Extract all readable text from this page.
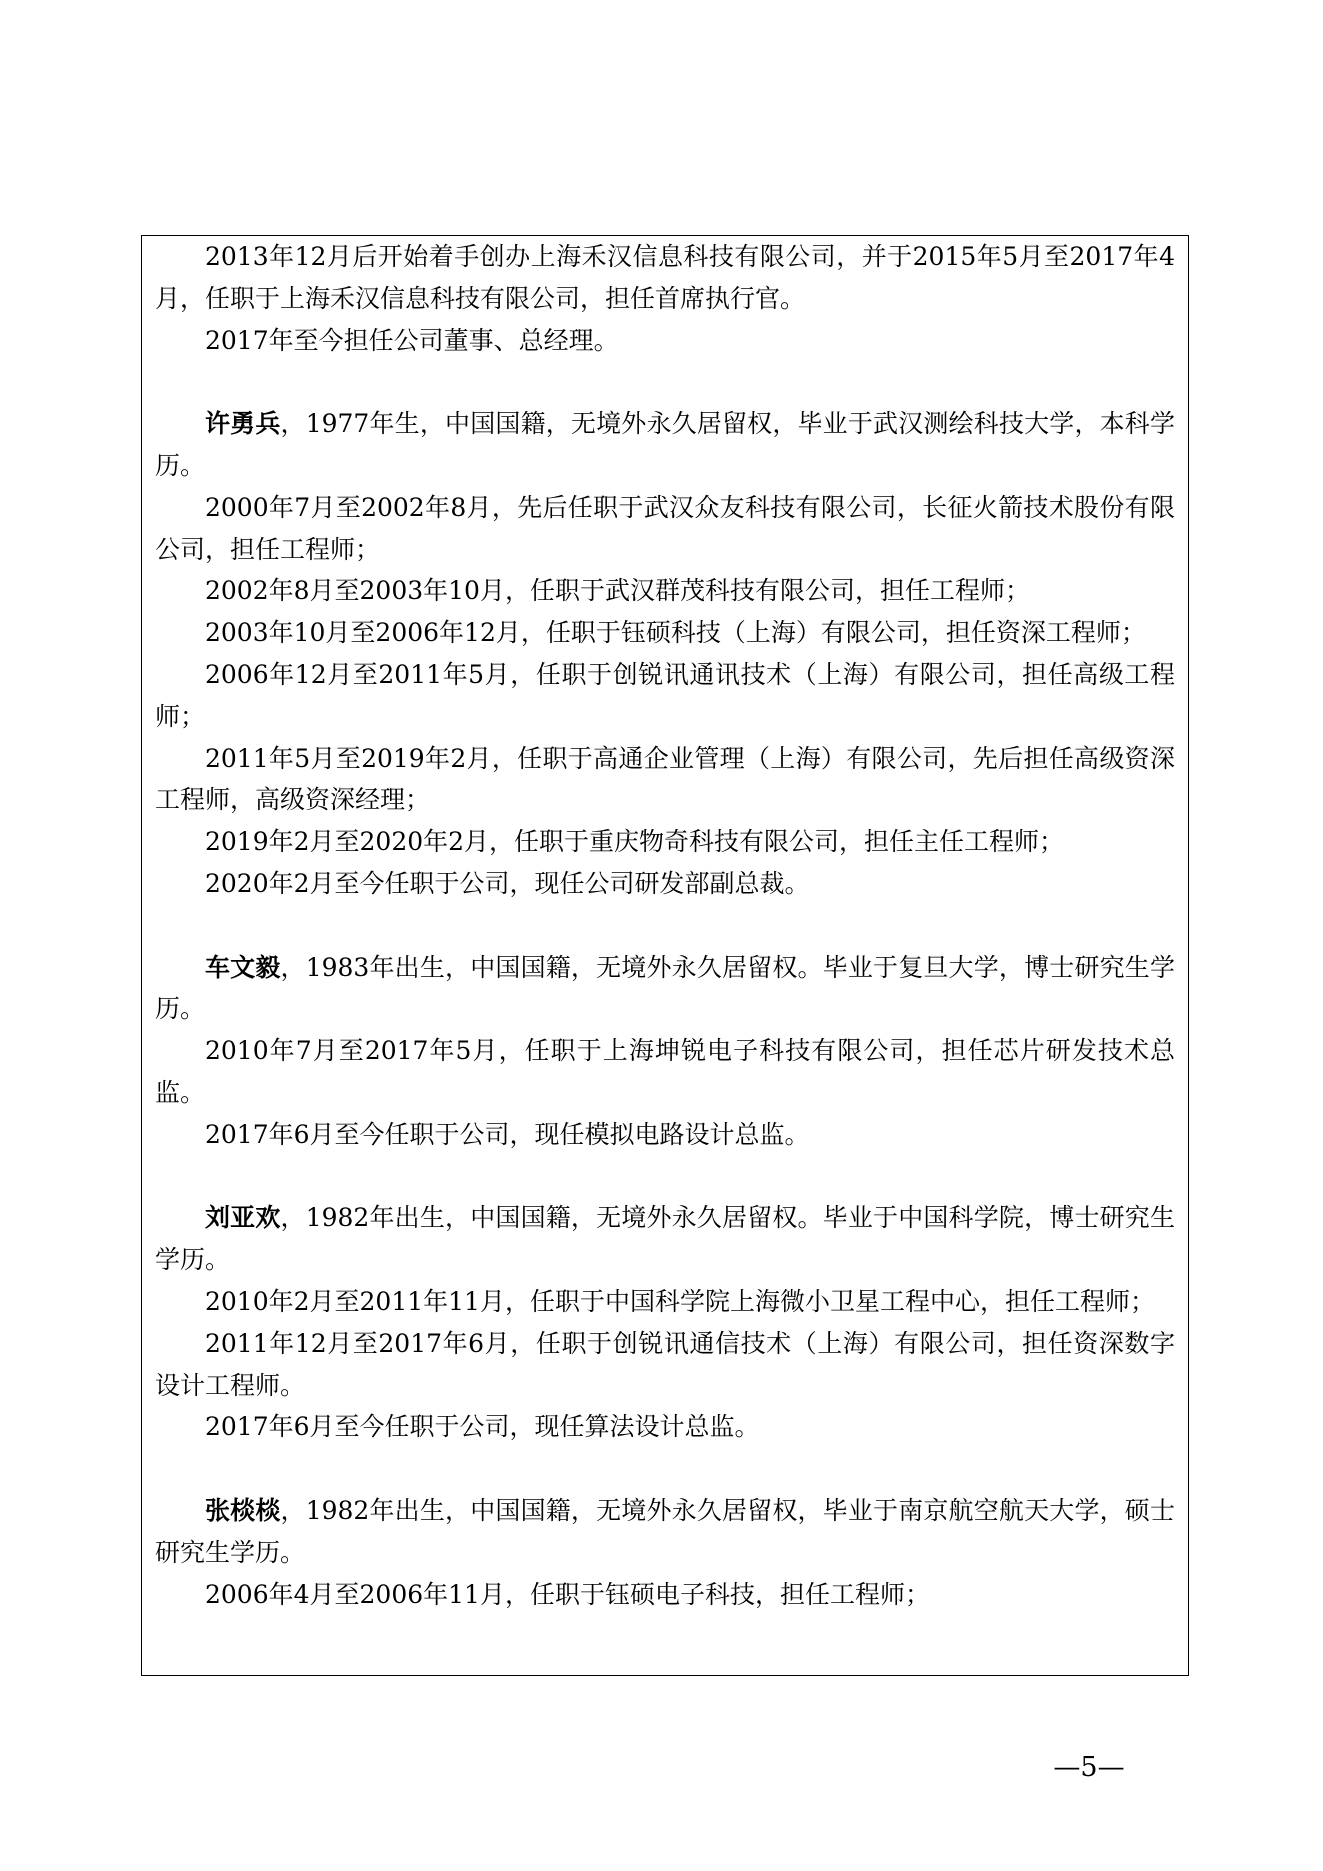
2013年12月后开始着手创办上海禾汉信息科技有限公司，并于2015年5月至2017年4月，任职于上海禾汉信息科技有限公司，担任首席执行官。

2017年至今担任公司董事、总经理。

许勇兵，1977年生，中国国籍，无境外永久居留权，毕业于武汉测绘科技大学，本科学历。

2000年7月至2002年8月，先后任职于武汉众友科技有限公司，长征火箭技术股份有限公司，担任工程师；

2002年8月至2003年10月，任职于武汉群茂科技有限公司，担任工程师；

2003年10月至2006年12月，任职于钰硕科技（上海）有限公司，担任资深工程师；

2006年12月至2011年5月，任职于创锐讯通讯技术（上海）有限公司，担任高级工程师；

2011年5月至2019年2月，任职于高通企业管理（上海）有限公司，先后担任高级资深工程师，高级资深经理；

2019年2月至2020年2月，任职于重庆物奇科技有限公司，担任主任工程师；

2020年2月至今任职于公司，现任公司研发部副总裁。

车文毅，1983年出生，中国国籍，无境外永久居留权。毕业于复旦大学，博士研究生学历。

2010年7月至2017年5月，任职于上海坤锐电子科技有限公司，担任芯片研发技术总监。

2017年6月至今任职于公司，现任模拟电路设计总监。

刘亚欢，1982年出生，中国国籍，无境外永久居留权。毕业于中国科学院，博士研究生学历。

2010年2月至2011年11月，任职于中国科学院上海微小卫星工程中心，担任工程师；

2011年12月至2017年6月，任职于创锐讯通信技术（上海）有限公司，担任资深数字设计工程师。

2017年6月至今任职于公司，现任算法设计总监。

张棪棪，1982年出生，中国国籍，无境外永久居留权，毕业于南京航空航天大学，硕士研究生学历。

2006年4月至2006年11月，任职于钰硕电子科技，担任工程师；

—5—
